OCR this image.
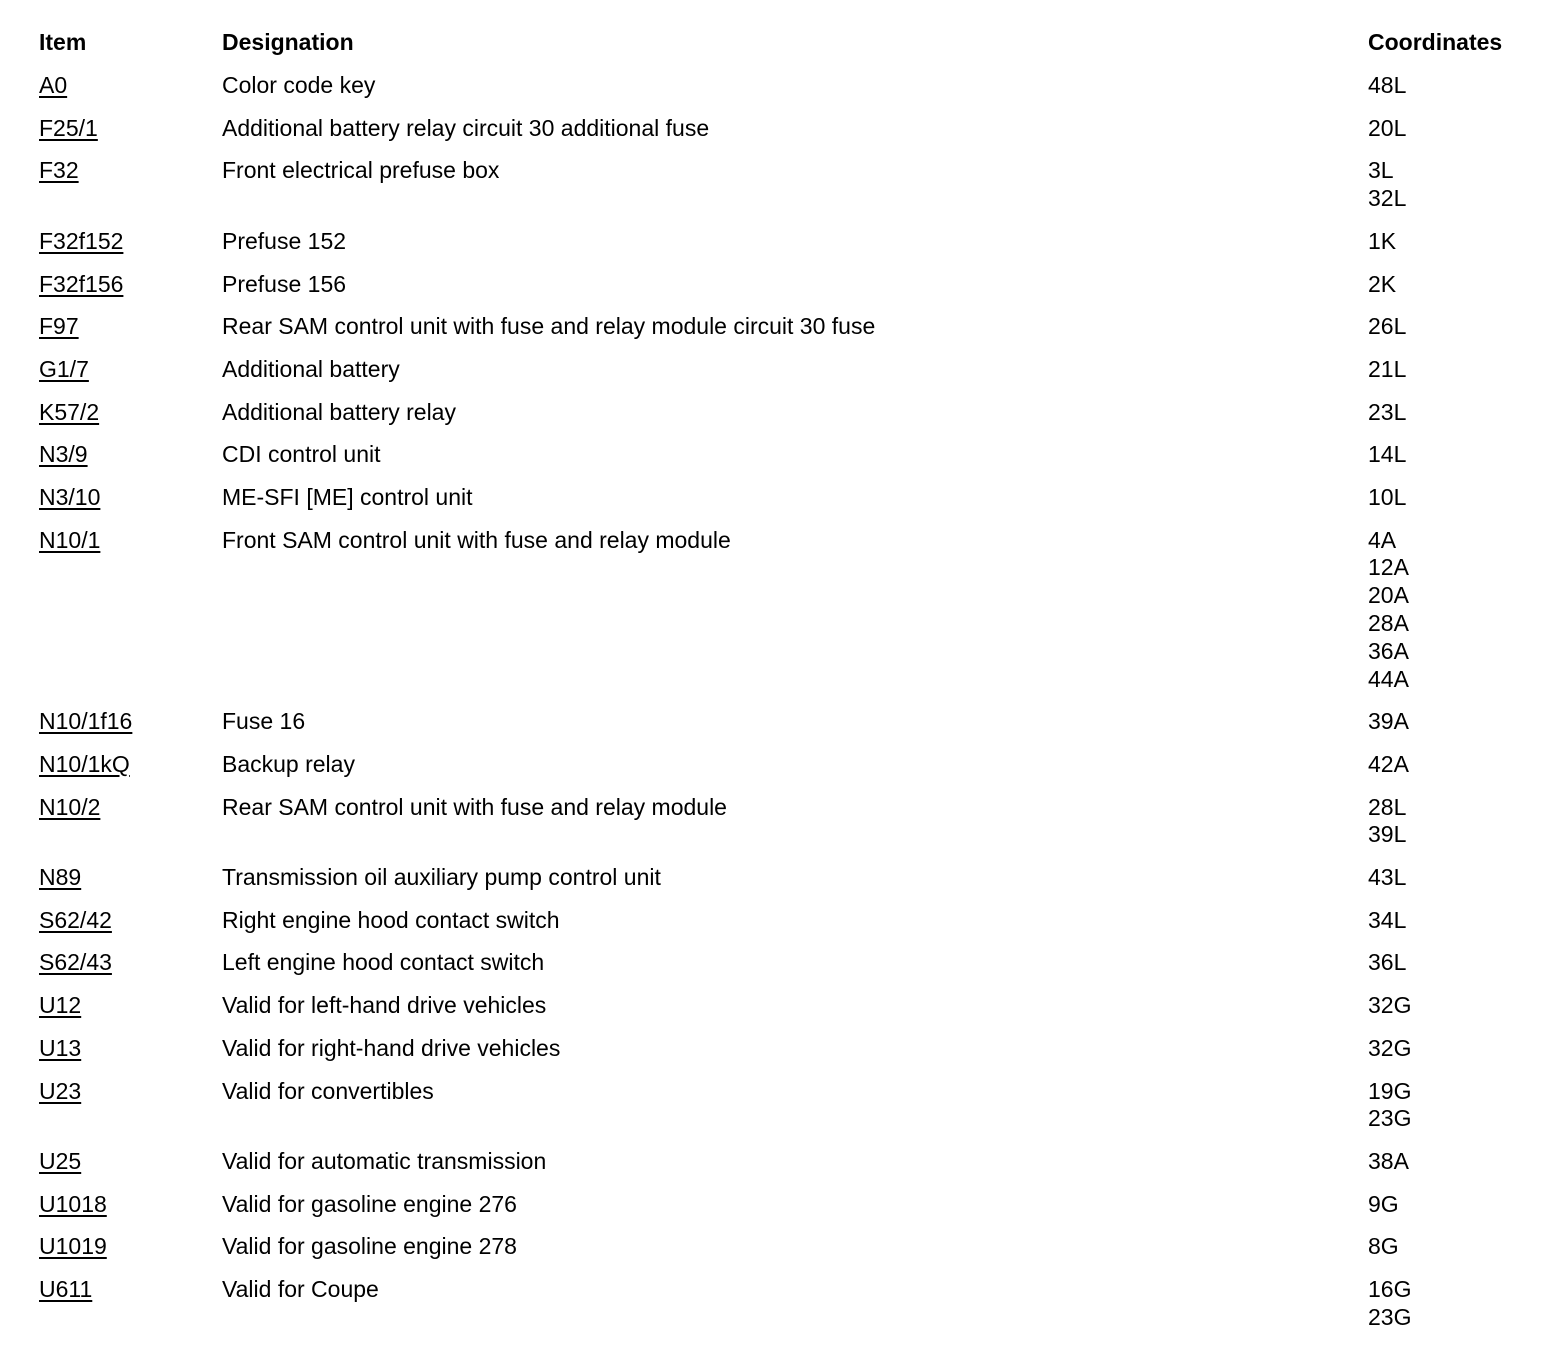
Item	Designation	Coordinates
A0	Color code key	48L
F25/1	Additional battery relay circuit 30 additional fuse	20L
F32	Front electrical prefuse box	3L
32L
F32f152	Prefuse 152	1K
F32f156	Prefuse 156	2K
F97	Rear SAM control unit with fuse and relay module circuit 30 fuse	26L
G1/7	Additional battery	21L
K57/2	Additional battery relay	23L
N3/9	CDI control unit	14L
N3/10	ME-SFI [ME] control unit	10L
N10/1	Front SAM control unit with fuse and relay module	4A
12A
20A
28A
36A
44A
N10/1f16	Fuse 16	39A
N10/1kQ	Backup relay	42A
N10/2	Rear SAM control unit with fuse and relay module	28L
39L
N89	Transmission oil auxiliary pump control unit	43L
S62/42	Right engine hood contact switch	34L
S62/43	Left engine hood contact switch	36L
U12	Valid for left-hand drive vehicles	32G
U13	Valid for right-hand drive vehicles	32G
U23	Valid for convertibles	19G
23G
U25	Valid for automatic transmission	38A
U1018	Valid for gasoline engine 276	9G
U1019	Valid for gasoline engine 278	8G
U611	Valid for Coupe	16G
23G
